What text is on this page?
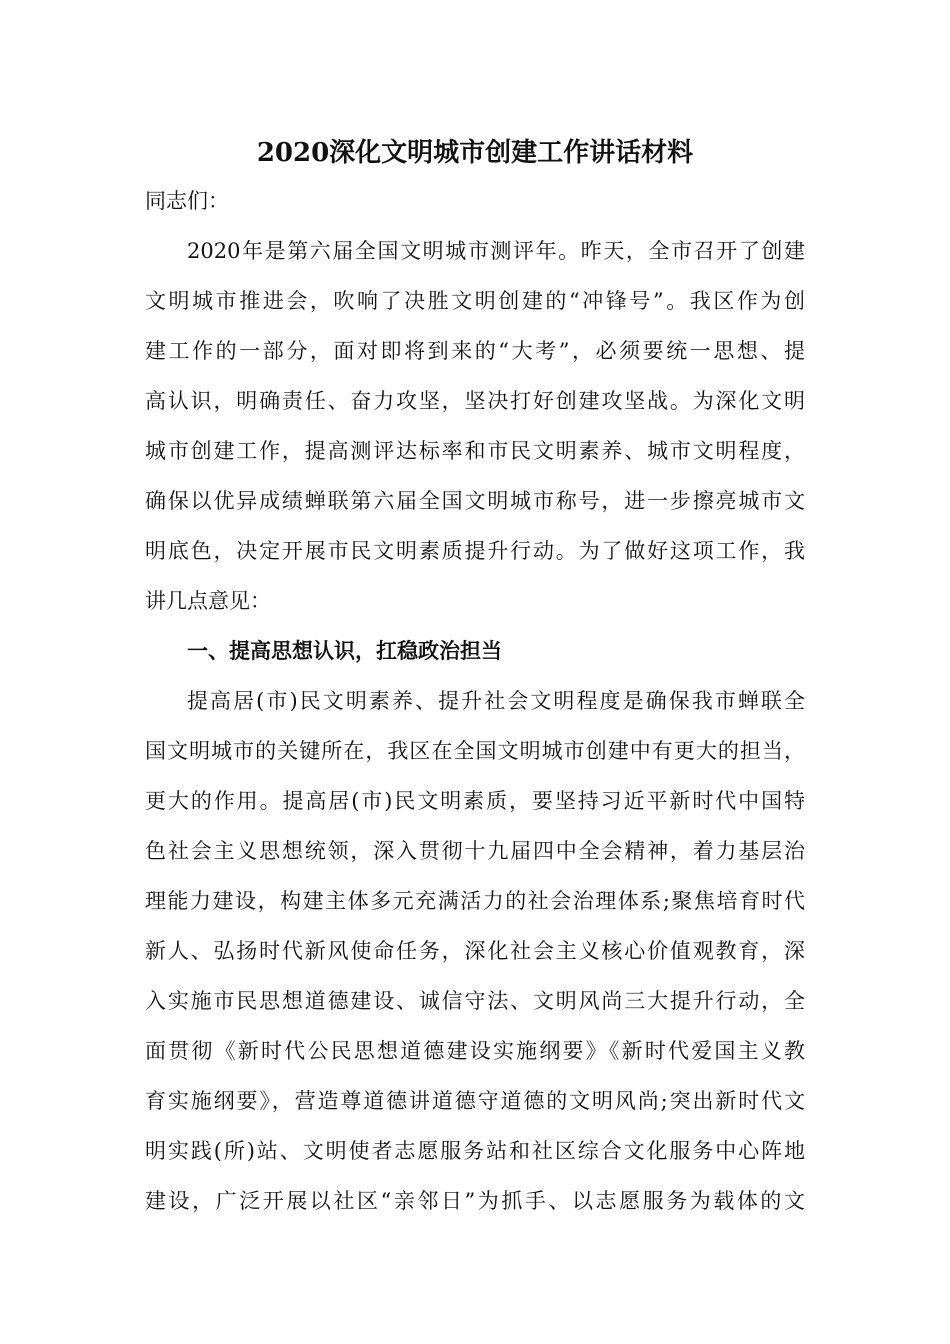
2020深化文明城市创建工作讲话材料

同志们：

2020年是第六届全国文明城市测评年。昨天，全市召开了创建

文明城市推进会，吹响了决胜文明创建的“冲锋号”。我区作为创

建工作的一部分，面对即将到来的“大考”，必须要统一思想、提

高认识，明确责任、奋力攻坚，坚决打好创建攻坚战。为深化文明

城市创建工作，提高测评达标率和市民文明素养、城市文明程度，

确保以优异成绩蝉联第六届全国文明城市称号，进一步擦亮城市文

明底色，决定开展市民文明素质提升行动。为了做好这项工作，我

讲几点意见：

一、提高思想认识，扛稳政治担当

提高居(市)民文明素养、提升社会文明程度是确保我市蝉联全

国文明城市的关键所在，我区在全国文明城市创建中有更大的担当，

更大的作用。提高居(市)民文明素质，要坚持习近平新时代中国特

色社会主义思想统领，深入贯彻十九届四中全会精神，着力基层治

理能力建设，构建主体多元充满活力的社会治理体系;聚焦培育时代

新人、弘扬时代新风使命任务，深化社会主义核心价值观教育，深

入实施市民思想道德建设、诚信守法、文明风尚三大提升行动，全

面贯彻《新时代公民思想道德建设实施纲要》《新时代爱国主义教

育实施纲要》，营造尊道德讲道德守道德的文明风尚;突出新时代文

明实践(所)站、文明使者志愿服务站和社区综合文化服务中心阵地

建设，广泛开展以社区“亲邻日”为抓手、以志愿服务为载体的文
